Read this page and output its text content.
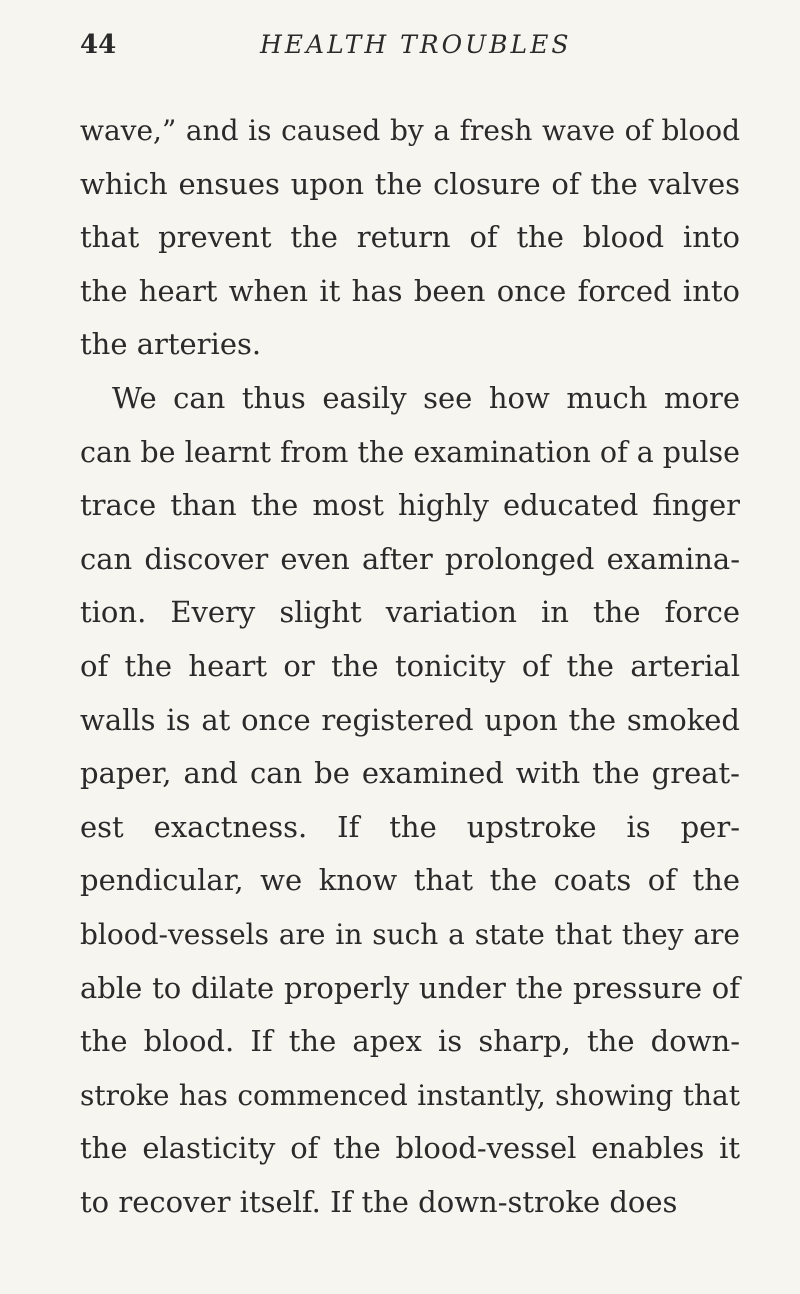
44	HEALTH TROUBLES
wave,” and is caused by a fresh wave of blood
which ensues upon the closure of the valves
that prevent the return of the blood into
the heart when it has been once forced into
the arteries.
We can thus easily see how much more
can be learnt from the examination of a pulse
trace than the most highly educated finger
can discover even after prolonged examina-
tion. Every slight variation in the force
of the heart or the tonicity of the arterial
walls is at once registered upon the smoked
paper, and can be examined with the great-
est exactness. If the upstroke is per-
pendicular, we know that the coats of the
blood-vessels are in such a state that they are
able to dilate properly under the pressure of
the blood. If the apex is sharp, the down-
stroke has commenced instantly, showing that
the elasticity of the blood-vessel enables it
to recover itself. If the down-stroke does
